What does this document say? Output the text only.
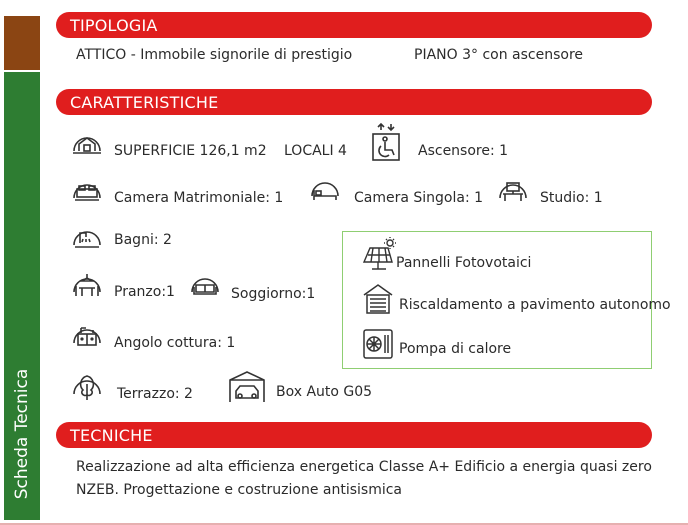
Scheda Tecnica
TIPOLOGIA
ATTICO - Immobile signorile di prestigio	PIANO 3° con ascensore
CARATTERISTICHE
SUPERFICIE 126,1 m2 LOCALI 4	Ascensore: 1
Camera Matrimoniale: 1	Camera Singola: 1	Studio: 1
Bagni: 2
Pranzo:1	Soggiorno:1
Angolo cottura: 1
Terrazzo: 2	Box Auto G05
Pannelli Fotovotaici
Riscaldamento a pavimento autonomo
Pompa di calore
TECNICHE
Realizzazione ad alta efficienza energetica Classe A+ Edificio a energia quasi zero NZEB. Progettazione e costruzione antisismica
